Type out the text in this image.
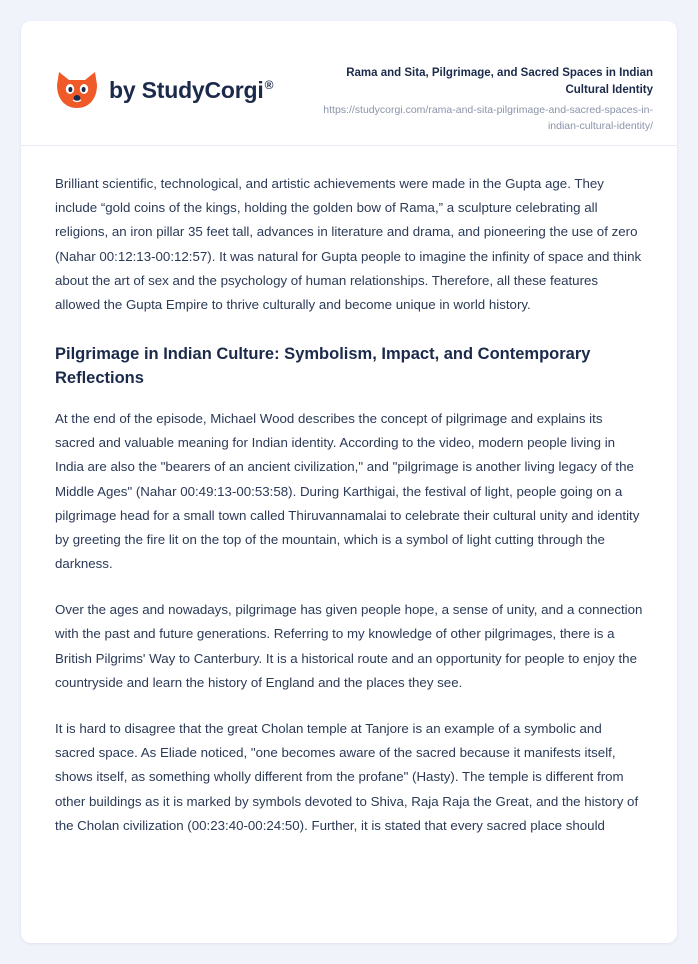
by StudyCorgi®

Rama and Sita, Pilgrimage, and Sacred Spaces in Indian Cultural Identity

https://studycorgi.com/rama-and-sita-pilgrimage-and-sacred-spaces-in-indian-cultural-identity/

Brilliant scientific, technological, and artistic achievements were made in the Gupta age. They include “gold coins of the kings, holding the golden bow of Rama,” a sculpture celebrating all religions, an iron pillar 35 feet tall, advances in literature and drama, and pioneering the use of zero (Nahar 00:12:13-00:12:57). It was natural for Gupta people to imagine the infinity of space and think about the art of sex and the psychology of human relationships. Therefore, all these features allowed the Gupta Empire to thrive culturally and become unique in world history.

Pilgrimage in Indian Culture: Symbolism, Impact, and Contemporary Reflections

At the end of the episode, Michael Wood describes the concept of pilgrimage and explains its sacred and valuable meaning for Indian identity. According to the video, modern people living in India are also the "bearers of an ancient civilization," and "pilgrimage is another living legacy of the Middle Ages" (Nahar 00:49:13-00:53:58). During Karthigai, the festival of light, people going on a pilgrimage head for a small town called Thiruvannamalai to celebrate their cultural unity and identity by greeting the fire lit on the top of the mountain, which is a symbol of light cutting through the darkness.

Over the ages and nowadays, pilgrimage has given people hope, a sense of unity, and a connection with the past and future generations. Referring to my knowledge of other pilgrimages, there is a British Pilgrims' Way to Canterbury. It is a historical route and an opportunity for people to enjoy the countryside and learn the history of England and the places they see.

It is hard to disagree that the great Cholan temple at Tanjore is an example of a symbolic and sacred space. As Eliade noticed, "one becomes aware of the sacred because it manifests itself, shows itself, as something wholly different from the profane" (Hasty). The temple is different from other buildings as it is marked by symbols devoted to Shiva, Raja Raja the Great, and the history of the Cholan civilization (00:23:40-00:24:50). Further, it is stated that every sacred place should
